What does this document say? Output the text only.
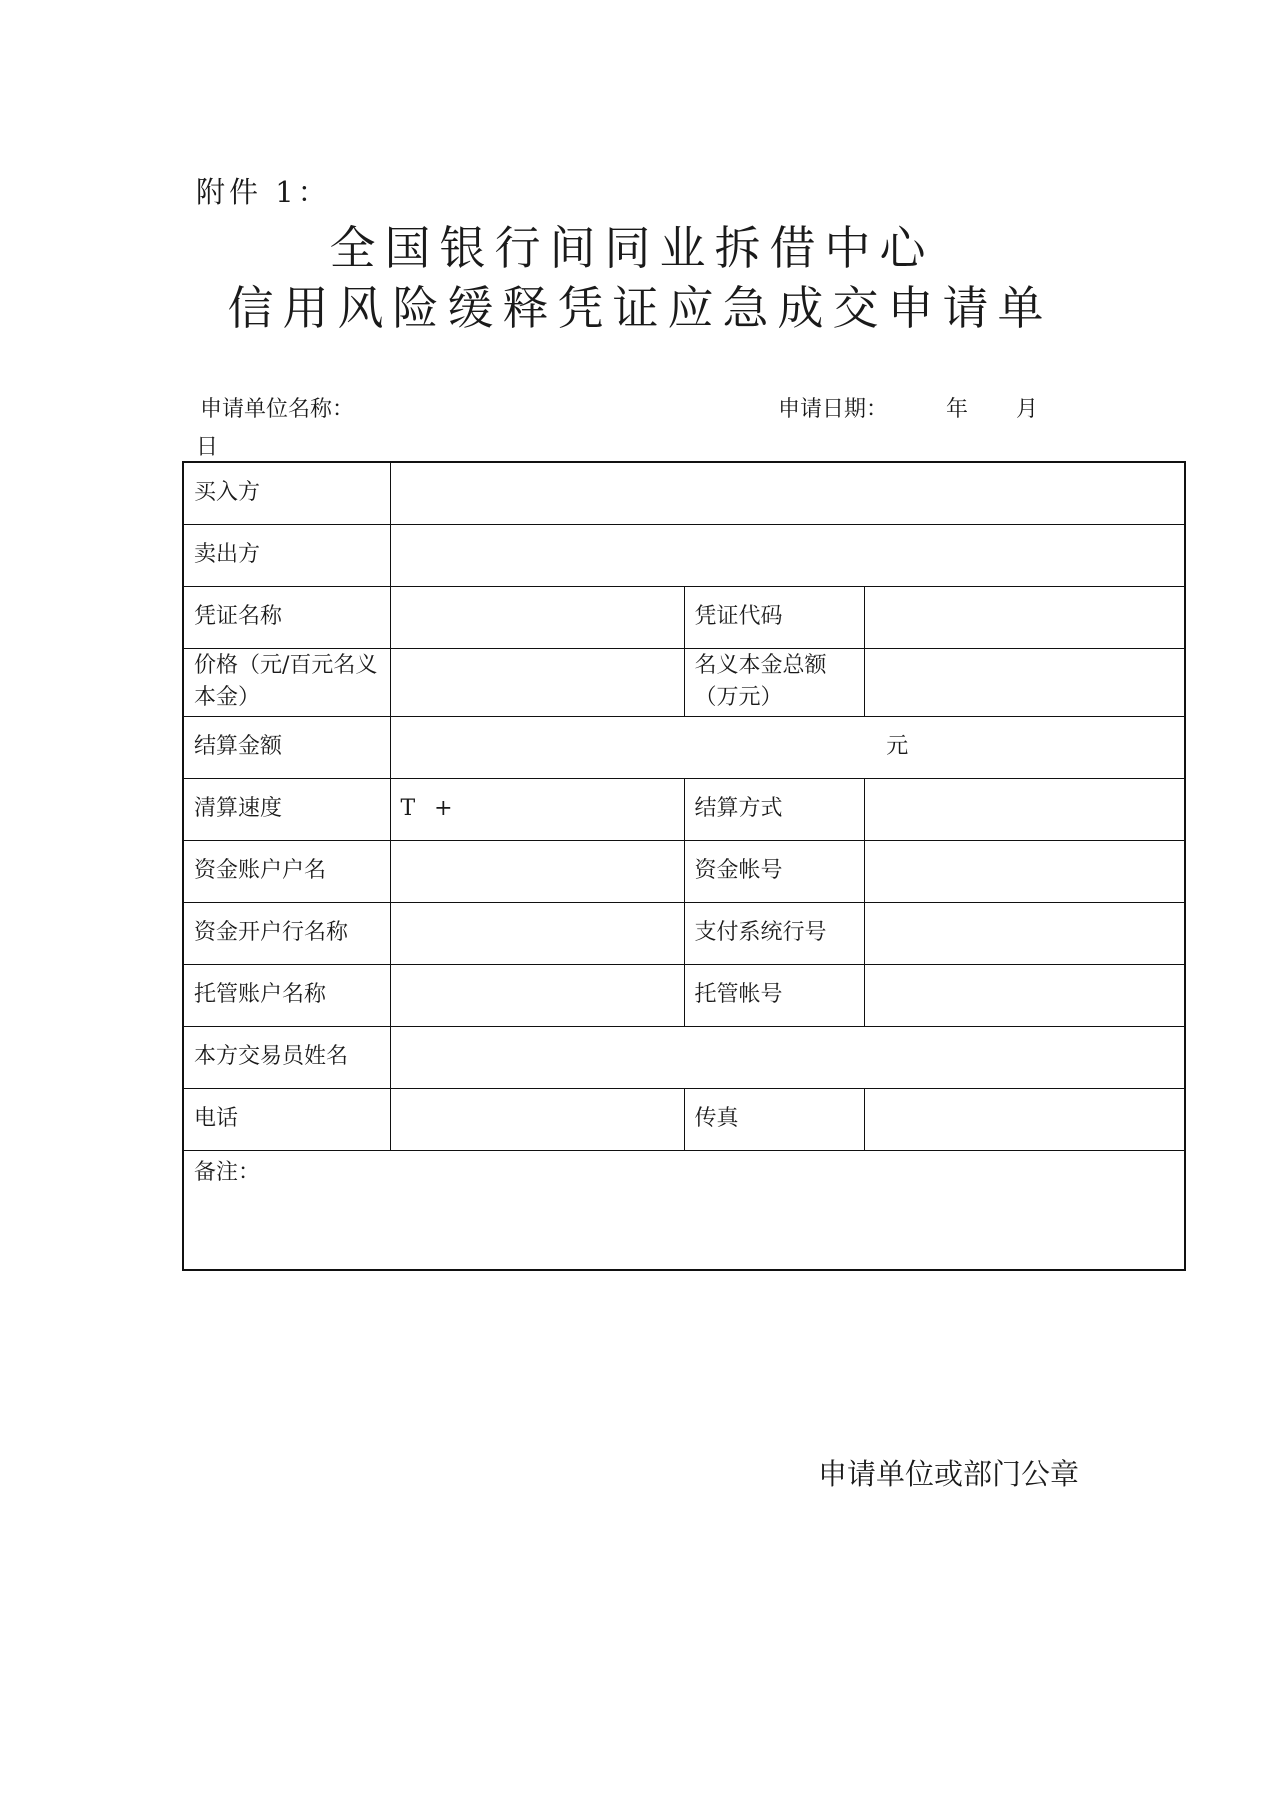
附件 1：
全国银行间同业拆借中心
信用风险缓释凭证应急成交申请单
申请单位名称：	申请日期：	年 月
日
买入方			
卖出方			
凭证名称		凭证代码	
价格（元/百元名义本金）		名义本金总额（万元）	
结算金额	元		
清算速度	T +	结算方式	
资金账户户名		资金帐号	
资金开户行名称		支付系统行号	
托管账户名称		托管帐号	
本方交易员姓名			
电话		传真	
备注：			
申请单位或部门公章
